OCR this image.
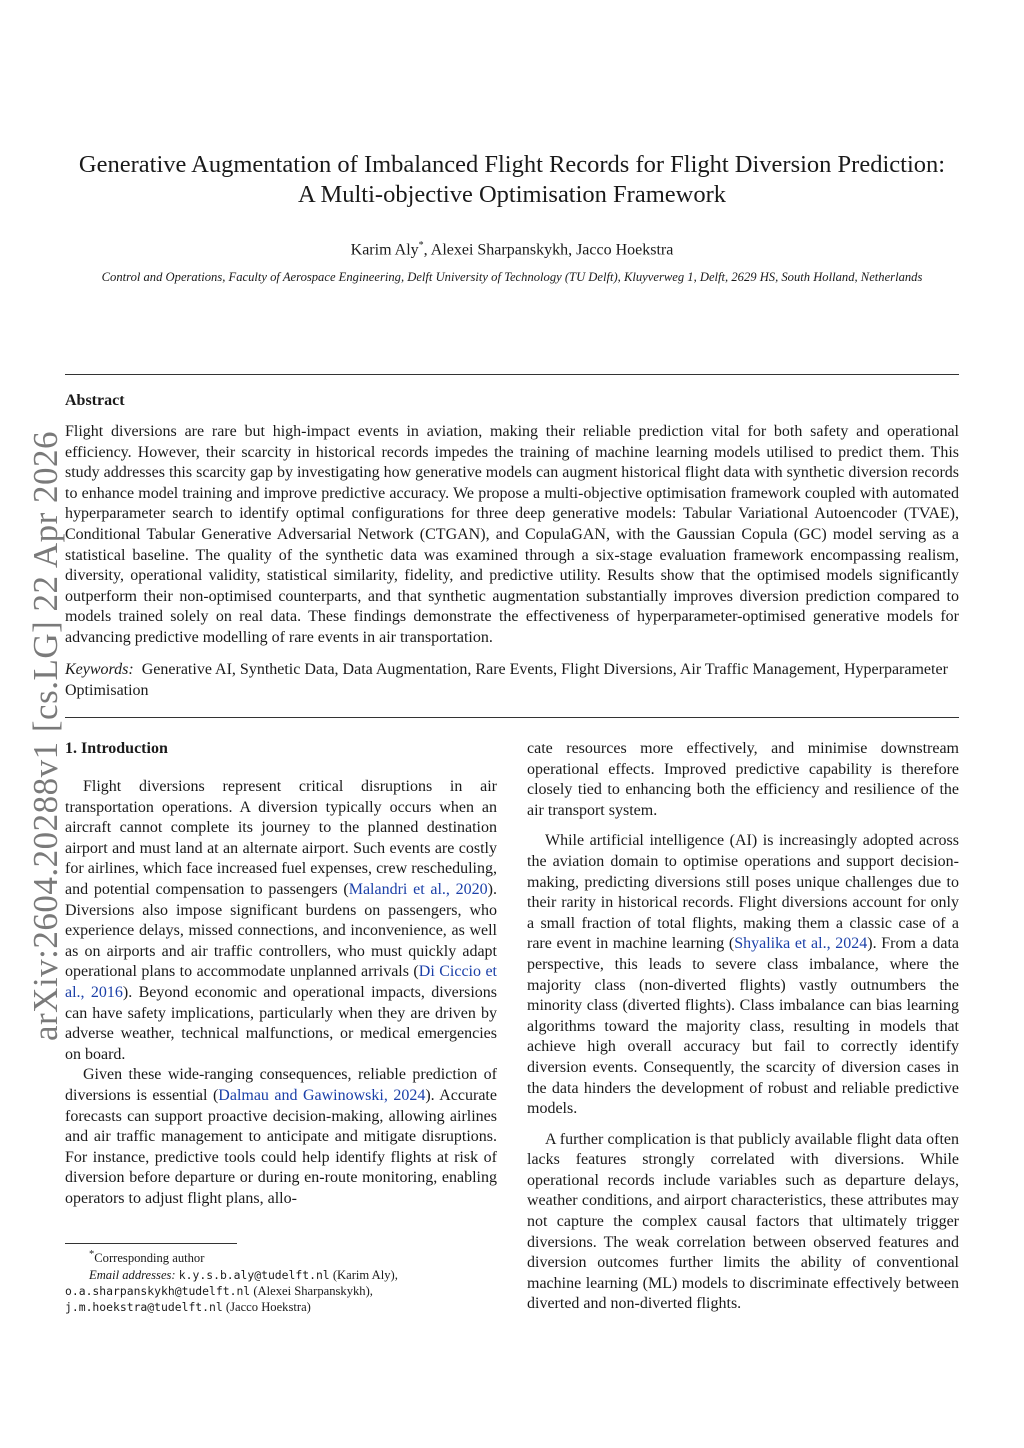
arXiv:2604.20288v1 [cs.LG] 22 Apr 2026
Generative Augmentation of Imbalanced Flight Records for Flight Diversion Prediction:
A Multi-objective Optimisation Framework
Karim Aly*, Alexei Sharpanskykh, Jacco Hoekstra
Control and Operations, Faculty of Aerospace Engineering, Delft University of Technology (TU Delft), Kluyverweg 1, Delft, 2629 HS, South Holland, Netherlands
Abstract
Flight diversions are rare but high-impact events in aviation, making their reliable prediction vital for both safety and operational efficiency. However, their scarcity in historical records impedes the training of machine learning models utilised to predict them. This study addresses this scarcity gap by investigating how generative models can augment historical flight data with synthetic diversion records to enhance model training and improve predictive accuracy. We propose a multi-objective optimisation framework coupled with automated hyperparameter search to identify optimal configurations for three deep generative models: Tabular Variational Autoencoder (TVAE), Conditional Tabular Generative Adversarial Network (CTGAN), and CopulaGAN, with the Gaussian Copula (GC) model serving as a statistical baseline. The quality of the synthetic data was examined through a six-stage evaluation framework encompassing realism, diversity, operational validity, statistical similarity, fidelity, and predictive utility. Results show that the optimised models significantly outperform their non-optimised counterparts, and that synthetic augmentation substantially improves diversion prediction compared to models trained solely on real data. These findings demonstrate the effectiveness of hyperparameter-optimised generative models for advancing predictive modelling of rare events in air transportation.
Keywords: Generative AI, Synthetic Data, Data Augmentation, Rare Events, Flight Diversions, Air Traffic Management, Hyperparameter Optimisation
1. Introduction

Flight diversions represent critical disruptions in air transportation operations. A diversion typically occurs when an aircraft cannot complete its journey to the planned destination airport and must land at an alternate airport. Such events are costly for airlines, which face increased fuel expenses, crew rescheduling, and potential compensation to passengers (Malandri et al., 2020). Diversions also impose significant burdens on passengers, who experience delays, missed connections, and inconvenience, as well as on airports and air traffic controllers, who must quickly adapt operational plans to accommodate unplanned arrivals (Di Ciccio et al., 2016). Beyond economic and operational impacts, diversions can have safety implications, particularly when they are driven by adverse weather, technical malfunctions, or medical emergencies on board.

Given these wide-ranging consequences, reliable prediction of diversions is essential (Dalmau and Gawinowski, 2024). Accurate forecasts can support proactive decision-making, allowing airlines and air traffic management to anticipate and mitigate disruptions. For instance, predictive tools could help identify flights at risk of diversion before departure or during en-route monitoring, enabling operators to adjust flight plans, allo-

cate resources more effectively, and minimise downstream operational effects. Improved predictive capability is therefore closely tied to enhancing both the efficiency and resilience of the air transport system.

While artificial intelligence (AI) is increasingly adopted across the aviation domain to optimise operations and support decision-making, predicting diversions still poses unique challenges due to their rarity in historical records. Flight diversions account for only a small fraction of total flights, making them a classic case of a rare event in machine learning (Shyalika et al., 2024). From a data perspective, this leads to severe class imbalance, where the majority class (non-diverted flights) vastly outnumbers the minority class (diverted flights). Class imbalance can bias learning algorithms toward the majority class, resulting in models that achieve high overall accuracy but fail to correctly identify diversion events. Consequently, the scarcity of diversion cases in the data hinders the development of robust and reliable predictive models.

A further complication is that publicly available flight data often lacks features strongly correlated with diversions. While operational records include variables such as departure delays, weather conditions, and airport characteristics, these attributes may not capture the complex causal factors that ultimately trigger diversions. The weak correlation between observed features and diversion outcomes further limits the ability of conventional machine learning (ML) models to discriminate effectively between diverted and non-diverted flights.

*Corresponding author
Email addresses: k.y.s.b.aly@tudelft.nl (Karim Aly),
o.a.sharpanskykh@tudelft.nl (Alexei Sharpanskykh),
j.m.hoekstra@tudelft.nl (Jacco Hoekstra)
